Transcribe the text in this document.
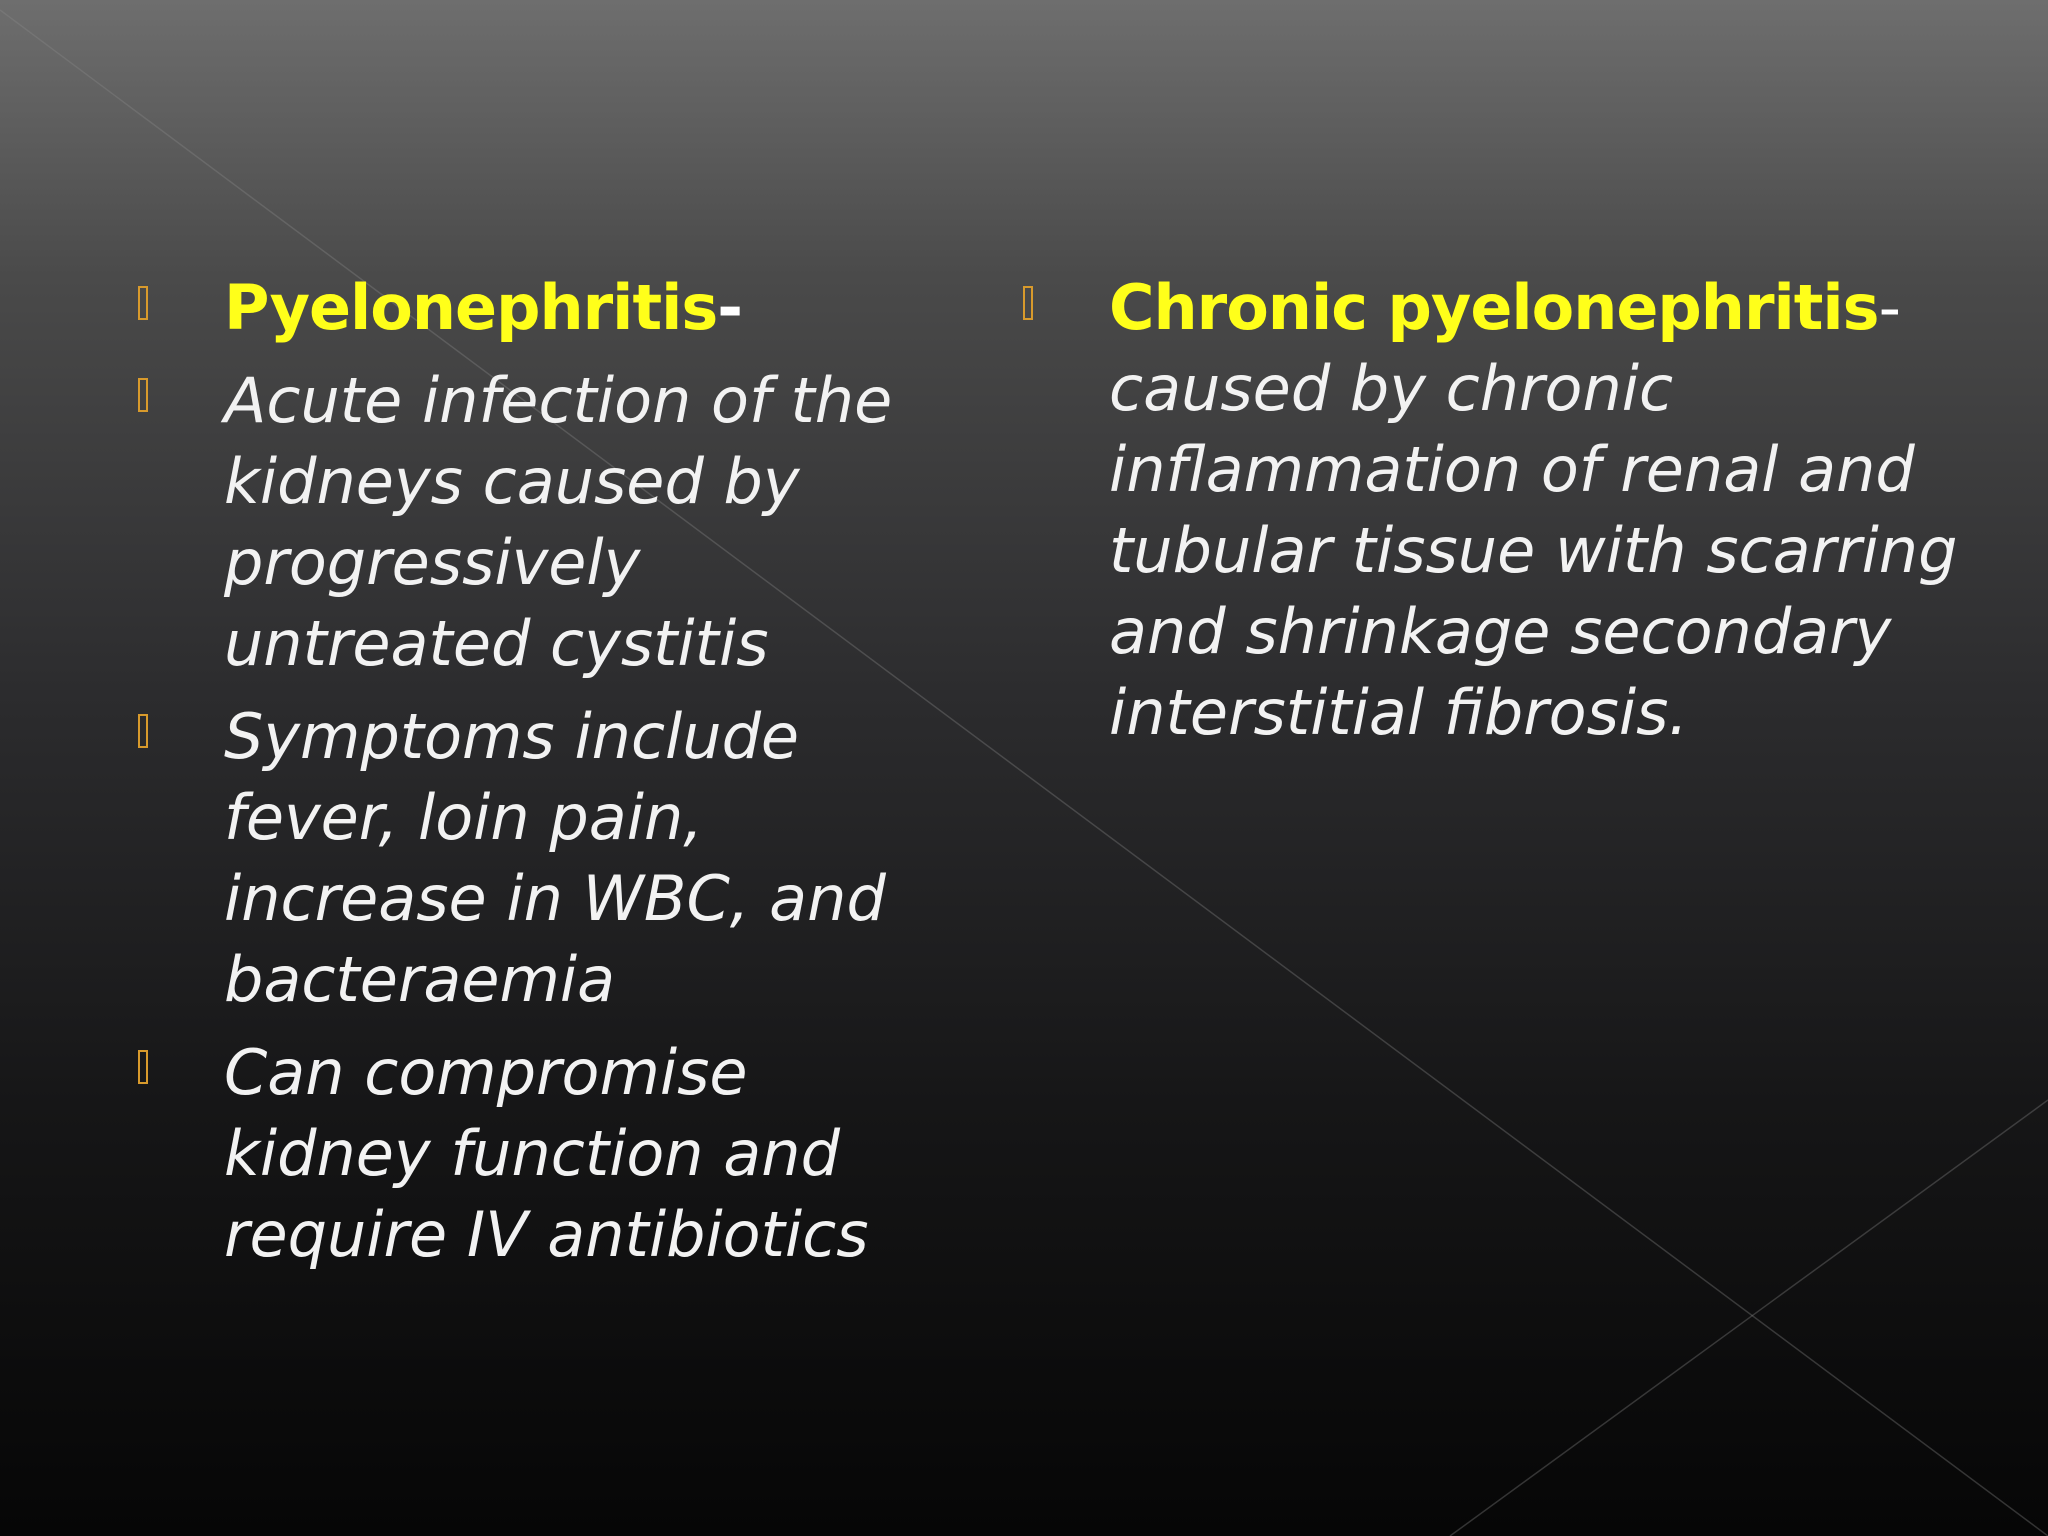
Pyelonephritis-
Acute infection of the kidneys caused by progressively untreated cystitis
Symptoms include fever, loin pain, increase in WBC, and bacteraemia
Can compromise kidney function and require IV antibiotics
Chronic pyelonephritis-
caused by chronic inflammation of renal and tubular tissue with scarring and shrinkage secondary interstitial fibrosis.
